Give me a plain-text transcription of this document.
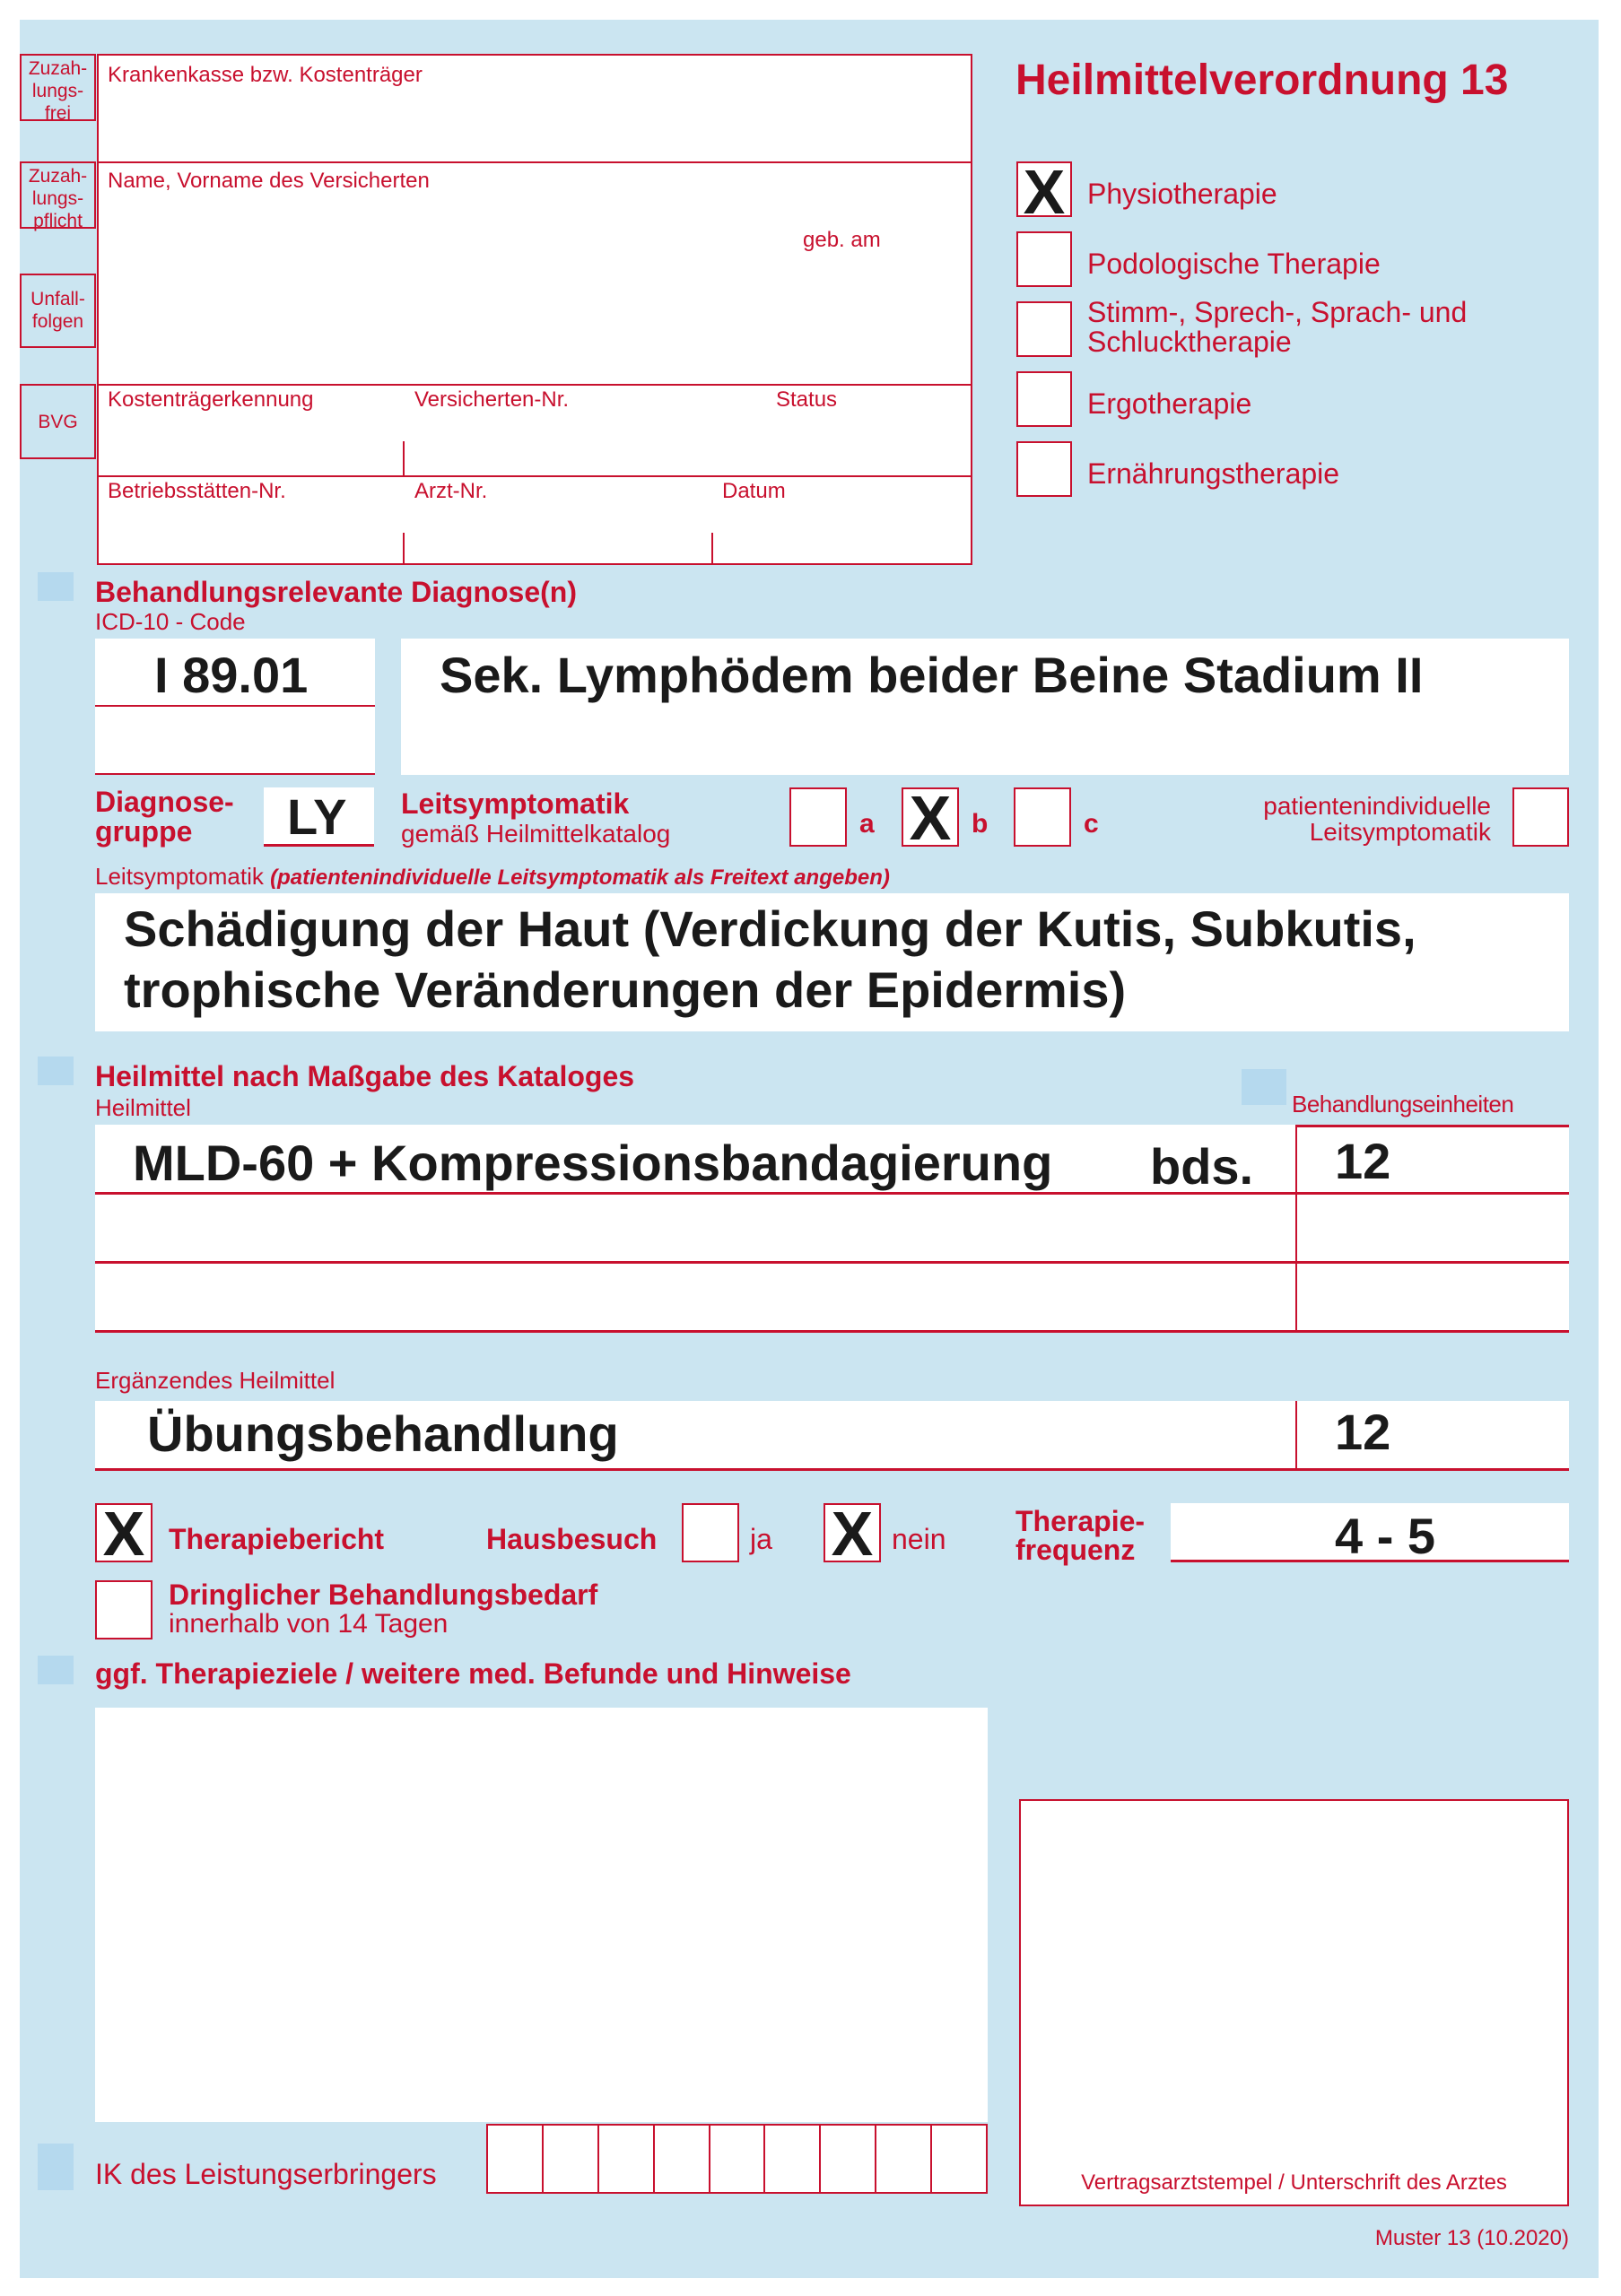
Zuzah-
lungs-
frei
Zuzah-
lungs-
pflicht
Unfall-
folgen
BVG
Krankenkasse bzw. Kostenträger
Name, Vorname des Versicherten
geb. am
Kostenträgerkennung	Versicherten-Nr.	Status
Betriebsstätten-Nr.	Arzt-Nr.	Datum
Heilmittelverordnung 13
X Physiotherapie
Podologische Therapie
Stimm-, Sprech-, Sprach- und
Schlucktherapie
Ergotherapie
Ernährungstherapie
Behandlungsrelevante Diagnose(n)
ICD-10 - Code
I 89.01	Sek. Lymphödem beider Beine Stadium II
Diagnose-
gruppe	LY Leitsymptomatik
gemäß Heilmittelkatalog	a X b	c
patientenindividuelle
Leitsymptomatik
Leitsymptomatik (patientenindividuelle Leitsymptomatik als Freitext angeben)
Schädigung der Haut (Verdickung der Kutis, Subkutis,
trophische Veränderungen der Epidermis)
Heilmittel nach Maßgabe des Kataloges
Heilmittel	Behandlungseinheiten
MLD-60 + Kompressionsbandagierung bds. 12
Ergänzendes Heilmittel
Übungsbehandlung	12
X Therapiebericht	Hausbesuch	ja X nein
Therapie-
frequenz	4 - 5
Dringlicher Behandlungsbedarf
innerhalb von 14 Tagen
ggf. Therapieziele / weitere med. Befunde und Hinweise
Vertragsarztstempel / Unterschrift des Arztes
IK des Leistungserbringers
Muster 13 (10.2020)
